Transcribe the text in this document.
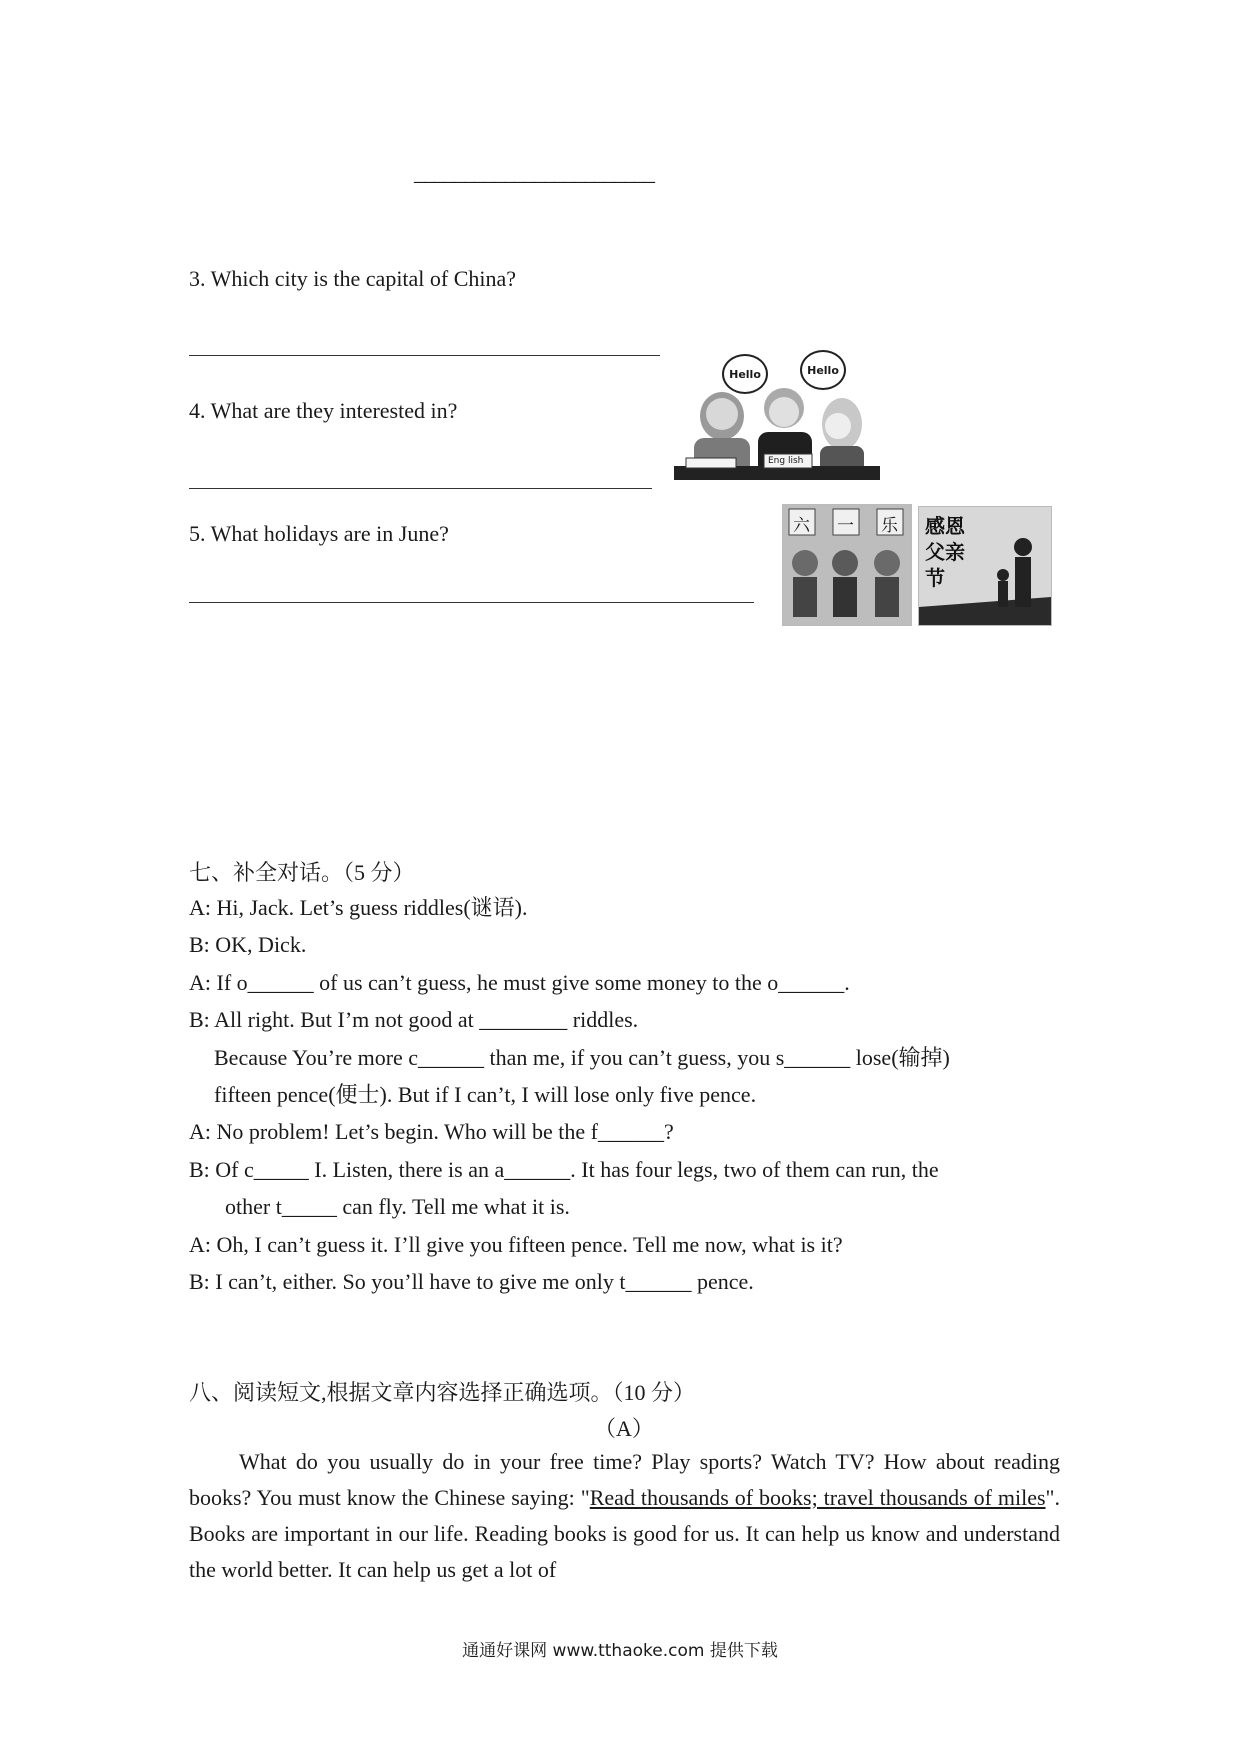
________________________
3. Which city is the capital of China?
4. What are they interested in?
Hello	Hello
Eng lish
5. What holidays are in June?	六 一 乐 感恩父亲节
七、补全对话。（5 分）
A: Hi, Jack. Let’s guess riddles(谜语).
B: OK, Dick.
A: If o______ of us can’t guess, he must give some money to the o______.
B: All right. But I’m not good at ________ riddles.
Because You’re more c______ than me, if you can’t guess, you s______ lose(输掉)
fifteen pence(便士). But if I can’t, I will lose only five pence.
A: No problem! Let’s begin. Who will be the f______?
B: Of c_____ I. Listen, there is an a______. It has four legs, two of them can run, the
other t_____ can fly. Tell me what it is.
A: Oh, I can’t guess it. I’ll give you fifteen pence. Tell me now, what is it?
B: I can’t, either. So you’ll have to give me only t______ pence.
八、阅读短文,根据文章内容选择正确选项。（10 分）
（A）
What do you usually do in your free time? Play sports? Watch TV? How about reading books? You must know the Chinese saying: "Read thousands of books; travel thousands of miles". Books are important in our life. Reading books is good for us. It can help us know and understand the world better. It can help us get a lot of
通通好课网 www.tthaoke.com 提供下载
